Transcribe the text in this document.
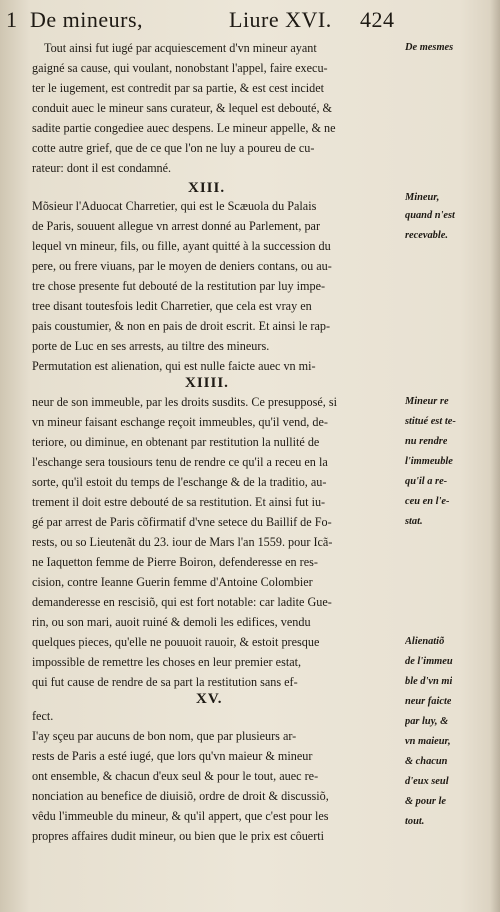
1 De mineurs,	Liure XVI. 424
Tout ainsi fut iugé par acquiescement d'vn mineur ayant
gaigné sa cause, qui voulant, nonobstant l'appel, faire execu-
ter le iugement, est contredit par sa partie, & est cest incidet
conduit auec le mineur sans curateur, & lequel est debouté, &
sadite partie congediee auec despens. Le mineur appelle, & ne
cotte autre grief, que de ce que l'on ne luy a poureu de cu-
rateur: dont il est condamné.
XIII.
Mõsieur l'Aduocat Charretier, qui est le Scæuola du Palais
de Paris, souuent allegue vn arrest donné au Parlement, par
lequel vn mineur, fils, ou fille, ayant quitté à la succession du
pere, ou frere viuans, par le moyen de deniers contans, ou au-
tre chose presente fut debouté de la restitution par luy impe-
tree disant toutesfois ledit Charretier, que cela est vray en
pais coustumier, & non en pais de droit escrit. Et ainsi le rap-
porte de Luc en ses arrests, au tiltre des mineurs.
Permutation est alienation, qui est nulle faicte auec vn mi-
XIIII.
neur de son immeuble, par les droits susdits. Ce presupposé, si
vn mineur faisant eschange reçoit immeubles, qu'il vend, de-
teriore, ou diminue, en obtenant par restitution la nullité de
l'eschange sera tousiours tenu de rendre ce qu'il a receu en la
sorte, qu'il estoit du temps de l'eschange & de la traditio, au-
trement il doit estre debouté de sa restitution. Et ainsi fut iu-
gé par arrest de Paris cõfirmatif d'vne setece du Baillif de Fo-
rests, ou so Lieutenãt du 23. iour de Mars l'an 1559. pour Icã-
ne Iaquetton femme de Pierre Boiron, defenderesse en res-
cision, contre Ieanne Guerin femme d'Antoine Colombier
demanderesse en rescisiõ, qui est fort notable: car ladite Gue-
rin, ou son mari, auoit ruiné & demoli les edifices, vendu
quelques pieces, qu'elle ne pouuoit rauoir, & estoit presque
impossible de remettre les choses en leur premier estat,
qui fut cause de rendre de sa part la restitution sans ef-
XV.
fect.
I'ay sçeu par aucuns de bon nom, que par plusieurs ar-
rests de Paris a esté iugé, que lors qu'vn maieur & mineur
ont ensemble, & chacun d'eux seul & pour le tout, auec re-
nonciation au benefice de diuisiõ, ordre de droit & discussiõ,
vêdu l'immeuble du mineur, & qu'il appert, que c'est pour les
propres affaires dudit mineur, ou bien que le prix est côuerti
De mesmes
Mineur,
quand n'est
recevable.
Mineur re
stitué est te-
nu rendre
l'immeuble
qu'il a re-
ceu en l'e-
stat.
Alienatiõ
de l'immeu
ble d'vn mi
neur faicte
par luy, &
vn maieur,
& chacun
d'eux seul
& pour le
tout.
